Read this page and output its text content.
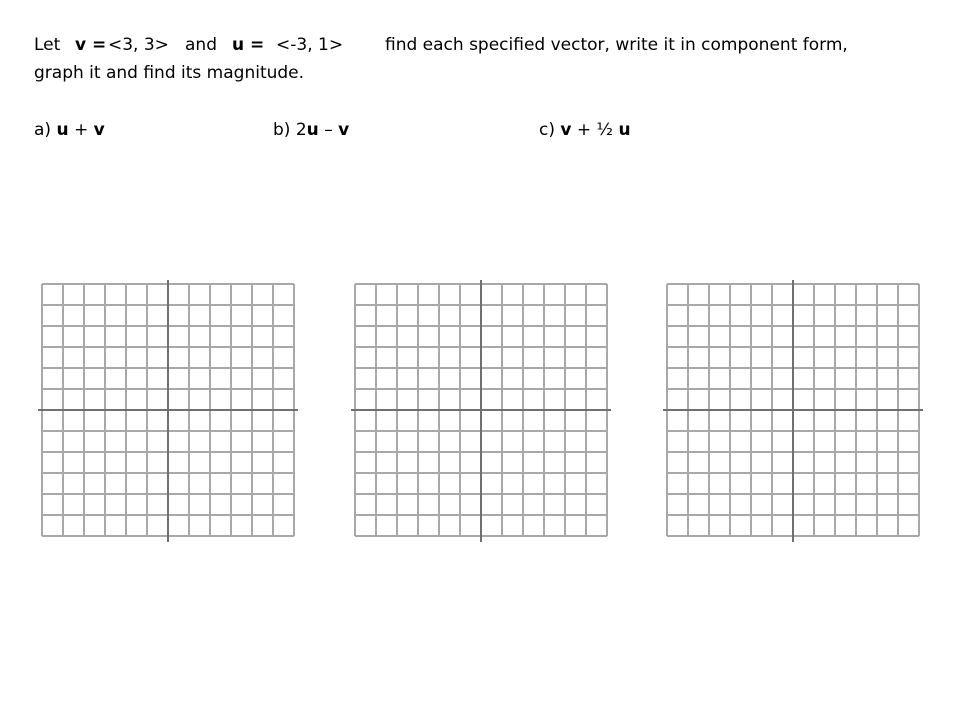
Let v = <3, 3> and u = <-3, 1> find each specified vector, write it in component form,
graph it and find its magnitude.
a) u + v	b) 2u – v	c) v + ½ u
